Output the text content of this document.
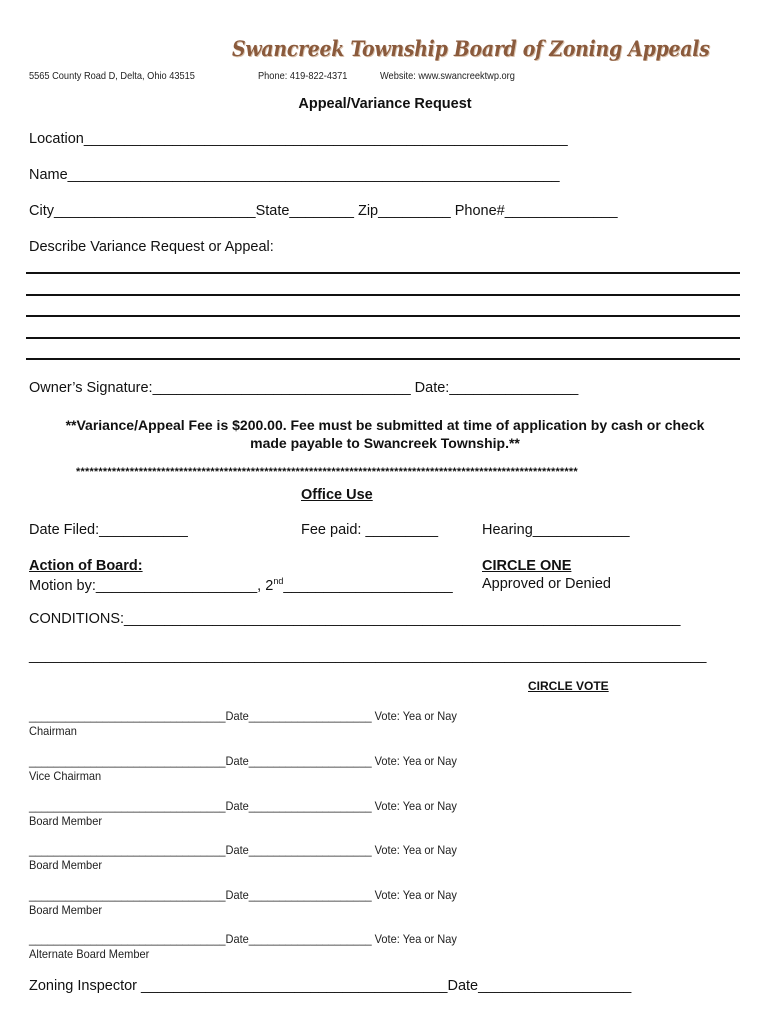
Swancreek Township Board of Zoning Appeals
5565 County Road D, Delta, Ohio 43515	Phone: 419-822-4371	Website: www.swancreektwp.org
Appeal/Variance Request
Location____________________________________________________________
Name_____________________________________________________________
City_________________________State________ Zip_________ Phone#______________
Describe Variance Request or Appeal:
Owner’s Signature:________________________________ Date:________________
**Variance/Appeal Fee is $200.00. Fee must be submitted at time of application by cash or check
made payable to Swancreek Township.**
****************************************************************************************************************
Office Use
Date Filed:___________	Fee paid: _________	Hearing____________
Action of Board:	CIRCLE ONE
Motion by:____________________, 2nd_____________________ Approved or Denied
CONDITIONS:_____________________________________________________________________
____________________________________________________________________________________
CIRCLE VOTE
________________________________Date____________________ Vote: Yea or Nay
Chairman
________________________________Date____________________ Vote: Yea or Nay
Vice Chairman
________________________________Date____________________ Vote: Yea or Nay
Board Member
________________________________Date____________________ Vote: Yea or Nay
Board Member
________________________________Date____________________ Vote: Yea or Nay
Board Member
________________________________Date____________________ Vote: Yea or Nay
Alternate Board Member
Zoning Inspector ______________________________________Date___________________
